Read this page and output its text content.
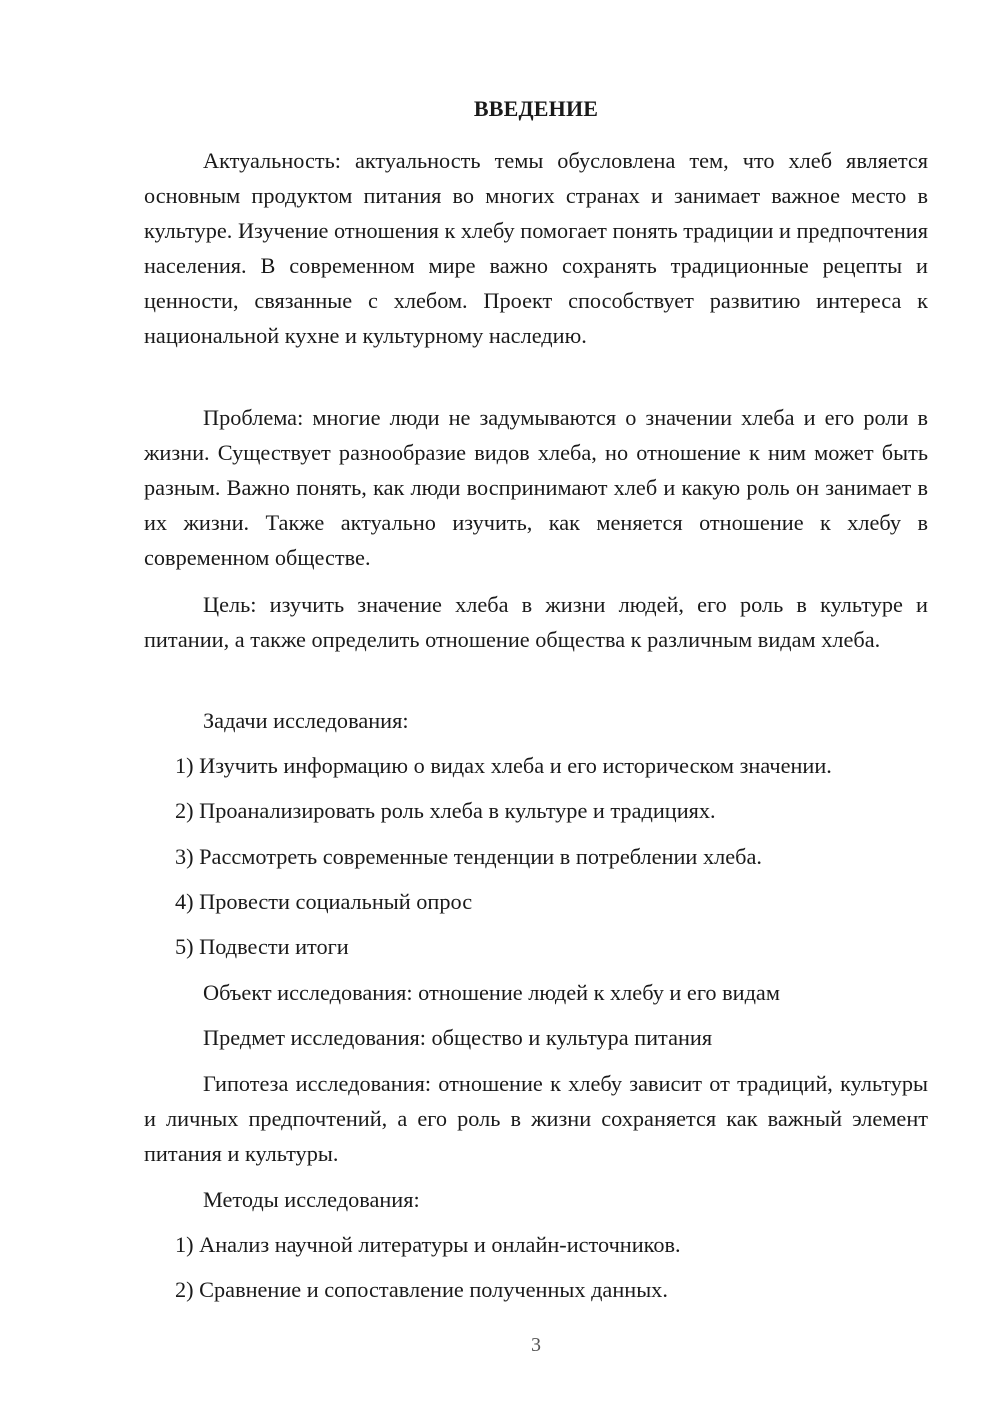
ВВЕДЕНИЕ

Актуальность: актуальность темы обусловлена тем, что хлеб является основным продуктом питания во многих странах и занимает важное место в культуре. Изучение отношения к хлебу помогает понять традиции и предпочтения населения. В современном мире важно сохранять традиционные рецепты и ценности, связанные с хлебом. Проект способствует развитию интереса к национальной кухне и культурному наследию.

Проблема: многие люди не задумываются о значении хлеба и его роли в жизни. Существует разнообразие видов хлеба, но отношение к ним может быть разным. Важно понять, как люди воспринимают хлеб и какую роль он занимает в их жизни. Также актуально изучить, как меняется отношение к хлебу в современном обществе.

Цель: изучить значение хлеба в жизни людей, его роль в культуре и питании, а также определить отношение общества к различным видам хлеба.

Задачи исследования:
1) Изучить информацию о видах хлеба и его историческом значении.
2) Проанализировать роль хлеба в культуре и традициях.
3) Рассмотреть современные тенденции в потреблении хлеба.
4) Провести социальный опрос
5) Подвести итоги
Объект исследования: отношение людей к хлебу и его видам
Предмет исследования: общество и культура питания

Гипотеза исследования: отношение к хлебу зависит от традиций, культуры и личных предпочтений, а его роль в жизни сохраняется как важный элемент питания и культуры.

Методы исследования:
1) Анализ научной литературы и онлайн-источников.
2) Сравнение и сопоставление полученных данных.
3
